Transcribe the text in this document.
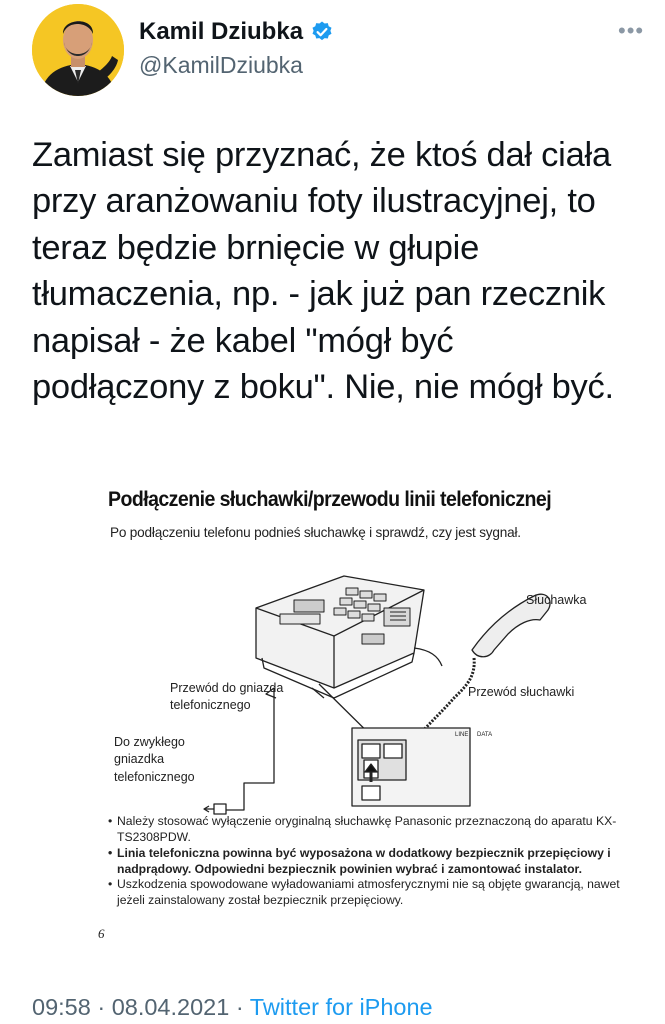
Kamil Dziubka
@KamilDziubka
•••
Zamiast się przyznać, że ktoś dał ciała
przy aranżowaniu foty ilustracyjnej, to
teraz będzie brnięcie w głupie
tłumaczenia, np. - jak już pan rzecznik
napisał - że kabel "mógł być
podłączony z boku". Nie, nie mógł być.
Podłączenie słuchawki/przewodu linii telefonicznej
Po podłączeniu telefonu podnieś słuchawkę i sprawdź, czy jest sygnał.
Słuchawka
Przewód słuchawki
Przewód do gniazda
telefonicznego
Do zwykłego
gniazdka
telefonicznego
LINE DATA
• Należy stosować wyłączenie oryginalną słuchawkę Panasonic przeznaczoną do aparatu KX-TS2308PDW.
• Linia telefoniczna powinna być wyposażona w dodatkowy bezpiecznik przepięciowy i nadprądowy. Odpowiedni bezpiecznik powinien wybrać i zamontować instalator.
• Uszkodzenia spowodowane wyładowaniami atmosferycznymi nie są objęte gwarancją, nawet jeżeli zainstalowany został bezpiecznik przepięciowy.
6
09:58 · 08.04.2021 · Twitter for iPhone
